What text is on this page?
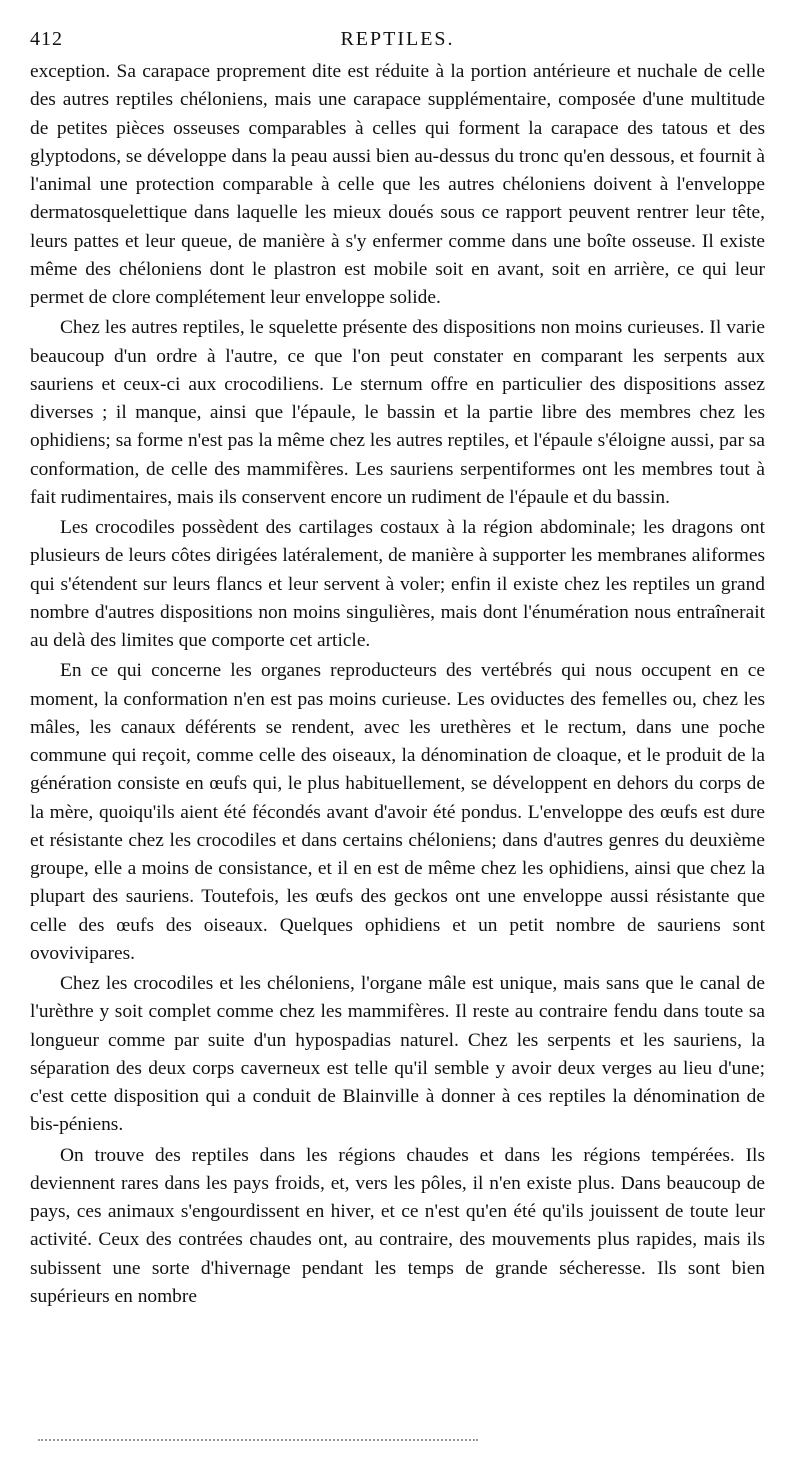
412	REPTILES.

exception. Sa carapace proprement dite est réduite à la portion antérieure et nuchale de celle des autres reptiles chéloniens, mais une carapace supplémentaire, composée d'une multitude de petites pièces osseuses comparables à celles qui forment la carapace des tatous et des glyptodons, se développe dans la peau aussi bien au-dessus du tronc qu'en dessous, et fournit à l'animal une protection comparable à celle que les autres chéloniens doivent à l'enveloppe dermatosquelettique dans laquelle les mieux doués sous ce rapport peuvent rentrer leur tête, leurs pattes et leur queue, de manière à s'y enfermer comme dans une boîte osseuse. Il existe même des chéloniens dont le plastron est mobile soit en avant, soit en arrière, ce qui leur permet de clore complétement leur enveloppe solide.

Chez les autres reptiles, le squelette présente des dispositions non moins curieuses. Il varie beaucoup d'un ordre à l'autre, ce que l'on peut constater en comparant les serpents aux sauriens et ceux-ci aux crocodiliens. Le sternum offre en particulier des dispositions assez diverses ; il manque, ainsi que l'épaule, le bassin et la partie libre des membres chez les ophidiens; sa forme n'est pas la même chez les autres reptiles, et l'épaule s'éloigne aussi, par sa conformation, de celle des mammifères. Les sauriens serpentiformes ont les membres tout à fait rudimentaires, mais ils conservent encore un rudiment de l'épaule et du bassin.

Les crocodiles possèdent des cartilages costaux à la région abdominale; les dragons ont plusieurs de leurs côtes dirigées latéralement, de manière à supporter les membranes aliformes qui s'étendent sur leurs flancs et leur servent à voler; enfin il existe chez les reptiles un grand nombre d'autres dispositions non moins singulières, mais dont l'énumération nous entraînerait au delà des limites que comporte cet article.

En ce qui concerne les organes reproducteurs des vertébrés qui nous occupent en ce moment, la conformation n'en est pas moins curieuse. Les oviductes des femelles ou, chez les mâles, les canaux déférents se rendent, avec les urethères et le rectum, dans une poche commune qui reçoit, comme celle des oiseaux, la dénomination de cloaque, et le produit de la génération consiste en œufs qui, le plus habituellement, se développent en dehors du corps de la mère, quoiqu'ils aient été fécondés avant d'avoir été pondus. L'enveloppe des œufs est dure et résistante chez les crocodiles et dans certains chéloniens; dans d'autres genres du deuxième groupe, elle a moins de consistance, et il en est de même chez les ophidiens, ainsi que chez la plupart des sauriens. Toutefois, les œufs des geckos ont une enveloppe aussi résistante que celle des œufs des oiseaux. Quelques ophidiens et un petit nombre de sauriens sont ovovivipares.

Chez les crocodiles et les chéloniens, l'organe mâle est unique, mais sans que le canal de l'urèthre y soit complet comme chez les mammifères. Il reste au contraire fendu dans toute sa longueur comme par suite d'un hypospadias naturel. Chez les serpents et les sauriens, la séparation des deux corps caverneux est telle qu'il semble y avoir deux verges au lieu d'une; c'est cette disposition qui a conduit de Blainville à donner à ces reptiles la dénomination de bis-péniens.

On trouve des reptiles dans les régions chaudes et dans les régions tempérées. Ils deviennent rares dans les pays froids, et, vers les pôles, il n'en existe plus. Dans beaucoup de pays, ces animaux s'engourdissent en hiver, et ce n'est qu'en été qu'ils jouissent de toute leur activité. Ceux des contrées chaudes ont, au contraire, des mouvements plus rapides, mais ils subissent une sorte d'hivernage pendant les temps de grande sécheresse. Ils sont bien supérieurs en nombre
